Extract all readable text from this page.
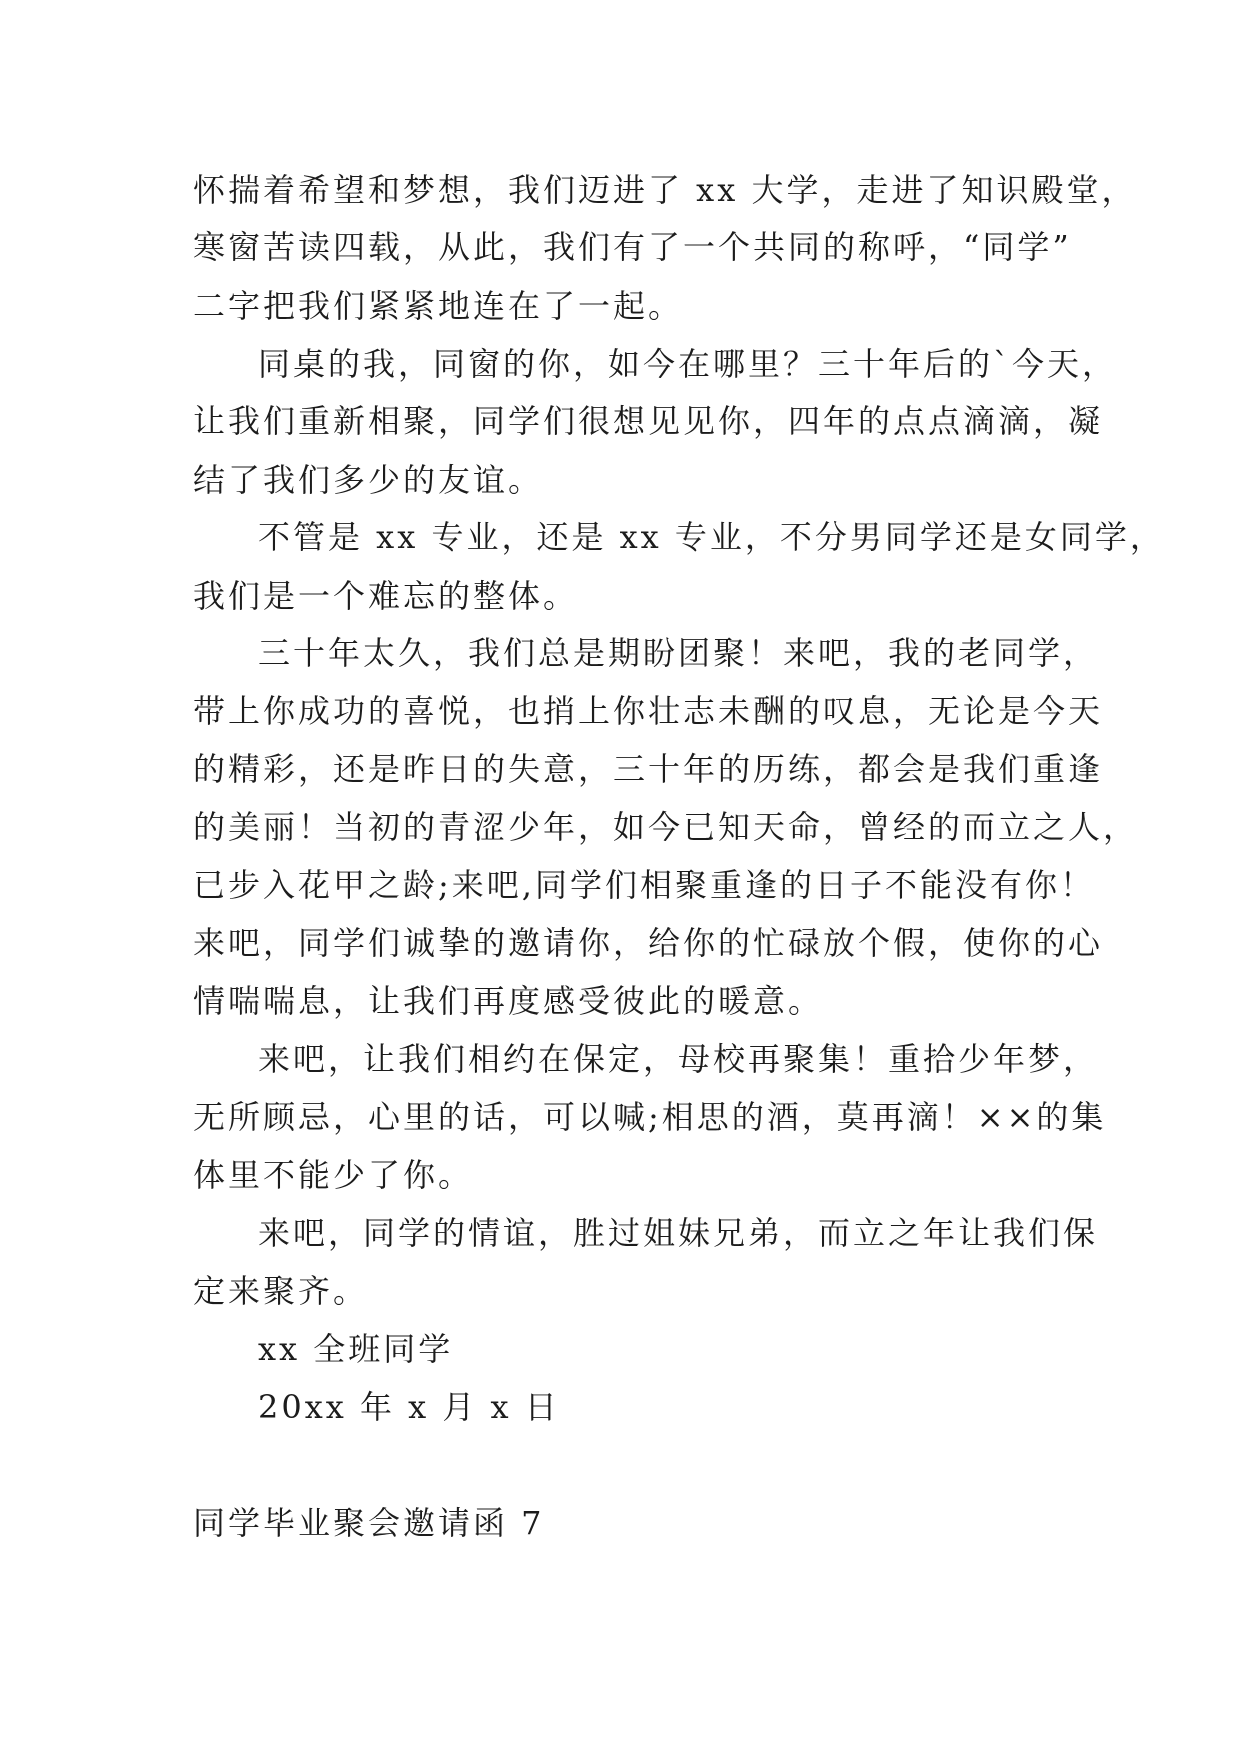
怀揣着希望和梦想，我们迈进了 xx 大学，走进了知识殿堂，
寒窗苦读四载，从此，我们有了一个共同的称呼，“同学”
二字把我们紧紧地连在了一起。
同桌的我，同窗的你，如今在哪里？三十年后的`今天，
让我们重新相聚，同学们很想见见你，四年的点点滴滴，凝
结了我们多少的友谊。
不管是 xx 专业，还是 xx 专业，不分男同学还是女同学，
我们是一个难忘的整体。
三十年太久，我们总是期盼团聚！来吧，我的老同学，
带上你成功的喜悦，也捎上你壮志未酬的叹息，无论是今天
的精彩，还是昨日的失意，三十年的历练，都会是我们重逢
的美丽！当初的青涩少年，如今已知天命，曾经的而立之人，
已步入花甲之龄;来吧,同学们相聚重逢的日子不能没有你！
来吧，同学们诚挚的邀请你，给你的忙碌放个假，使你的心
情喘喘息，让我们再度感受彼此的暖意。
来吧，让我们相约在保定，母校再聚集！重拾少年梦，
无所顾忌，心里的话，可以喊;相思的酒，莫再滴！××的集
体里不能少了你。
来吧，同学的情谊，胜过姐妹兄弟，而立之年让我们保
定来聚齐。
xx 全班同学
20xx 年 x 月 x 日
同学毕业聚会邀请函 7
